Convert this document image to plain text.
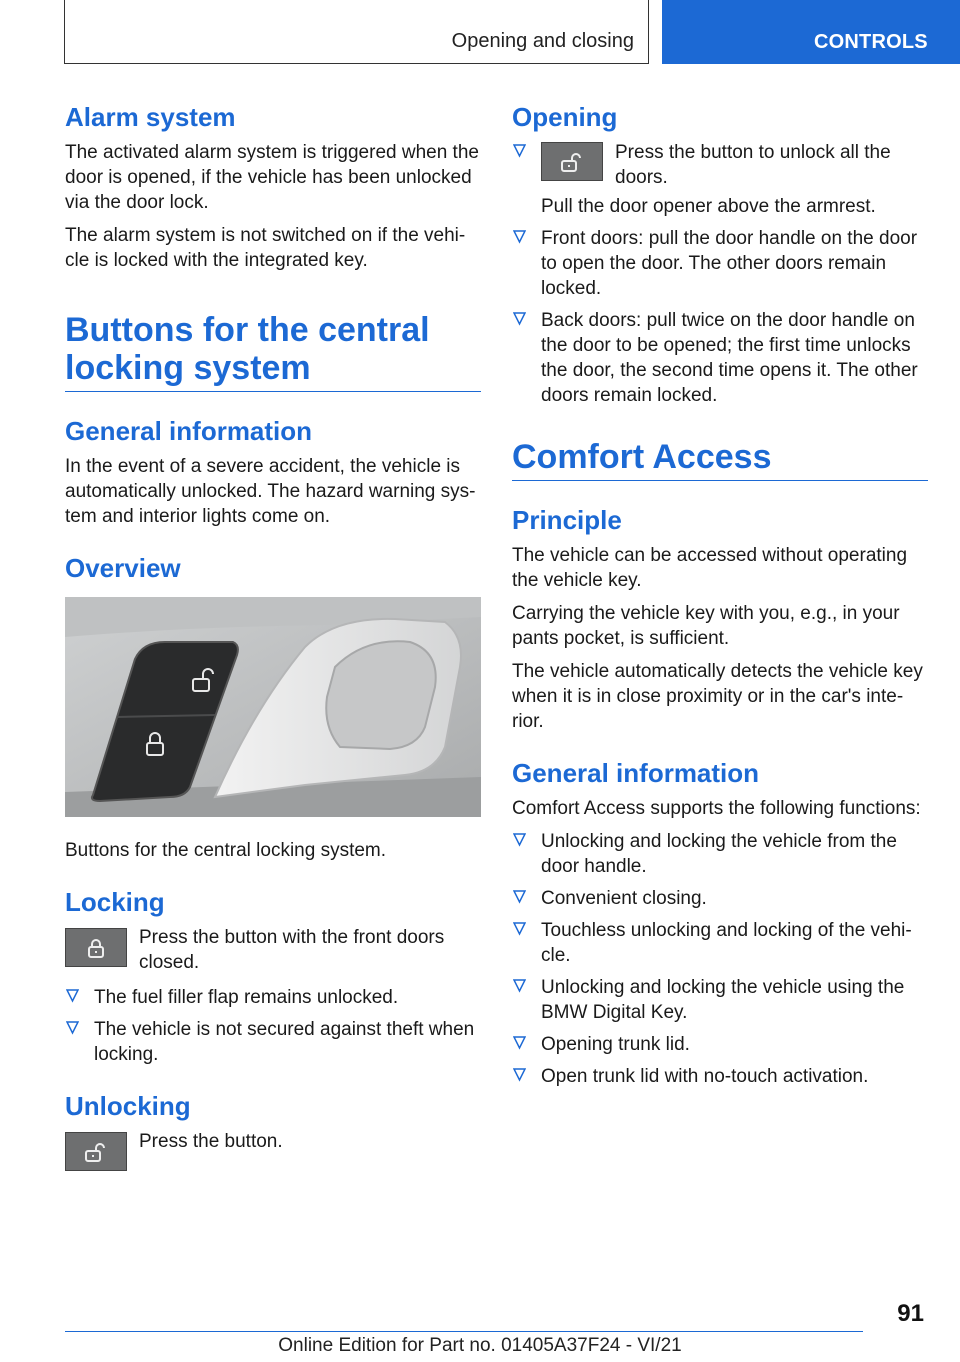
Opening and closing	CONTROLS
Alarm system

The activated alarm system is triggered when the door is opened, if the vehicle has been unlocked via the door lock.

The alarm system is not switched on if the vehicle is locked with the integrated key.

Buttons for the central locking system
General information

In the event of a severe accident, the vehicle is automatically unlocked. The hazard warning system and interior lights come on.

Overview

Buttons for the central locking system.

Locking
Press the button with the front doors closed.
The fuel filler flap remains unlocked.
The vehicle is not secured against theft when locking.
Unlocking
Press the button.
Opening
Press the button to unlock all the doors.
Pull the door opener above the armrest.
Front doors: pull the door handle on the door to open the door. The other doors remain locked.
Back doors: pull twice on the door handle on the door to be opened; the first time unlocks the door, the second time opens it. The other doors remain locked.
Comfort Access
Principle

The vehicle can be accessed without operating the vehicle key.

Carrying the vehicle key with you, e.g., in your pants pocket, is sufficient.

The vehicle automatically detects the vehicle key when it is in close proximity or in the car's interior.

General information

Comfort Access supports the following functions:

Unlocking and locking the vehicle from the door handle.
Convenient closing.
Touchless unlocking and locking of the vehicle.
Unlocking and locking the vehicle using the BMW Digital Key.
Opening trunk lid.
Open trunk lid with no-touch activation.
91
Online Edition for Part no. 01405A37F24 - VI/21
